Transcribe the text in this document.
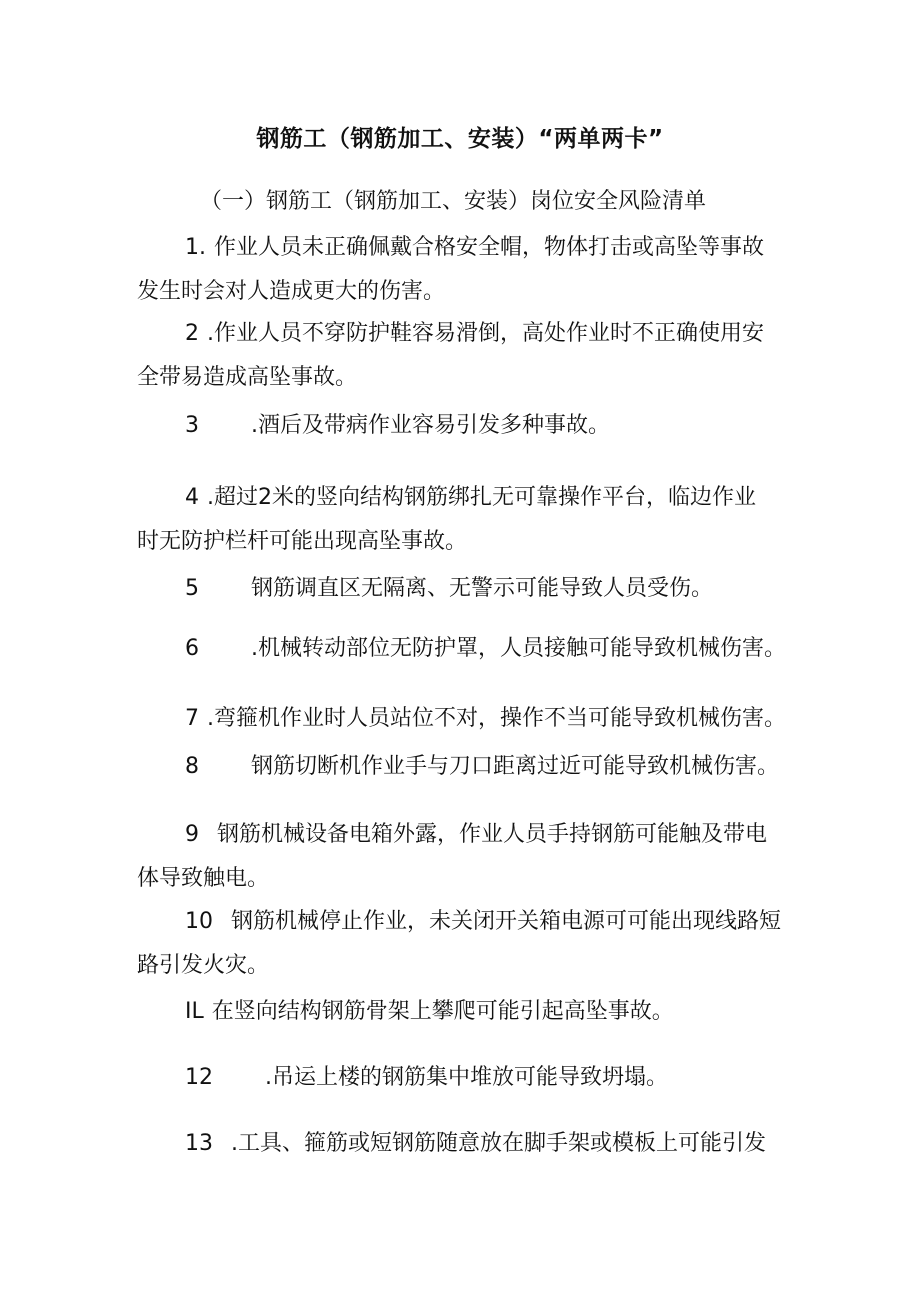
钢筋工（钢筋加工、安装）“两单两卡”
（一）钢筋工（钢筋加工、安装）岗位安全风险清单
1. 作业人员未正确佩戴合格安全帽，物体打击或高坠等事故
发生时会对人造成更大的伤害。
2 .作业人员不穿防护鞋容易滑倒，高处作业时不正确使用安
全带易造成高坠事故。
3 .酒后及带病作业容易引发多种事故。
4 .超过2米的竖向结构钢筋绑扎无可靠操作平台，临边作业
时无防护栏杆可能出现高坠事故。
5 钢筋调直区无隔离、无警示可能导致人员受伤。
6 .机械转动部位无防护罩，人员接触可能导致机械伤害。
7 .弯箍机作业时人员站位不对，操作不当可能导致机械伤害。
8 钢筋切断机作业手与刀口距离过近可能导致机械伤害。
9 钢筋机械设备电箱外露，作业人员手持钢筋可能触及带电
体导致触电。
10 钢筋机械停止作业，未关闭开关箱电源可可能出现线路短
路引发火灾。
IL 在竖向结构钢筋骨架上攀爬可能引起高坠事故。
12 .吊运上楼的钢筋集中堆放可能导致坍塌。
13 .工具、箍筋或短钢筋随意放在脚手架或模板上可能引发
